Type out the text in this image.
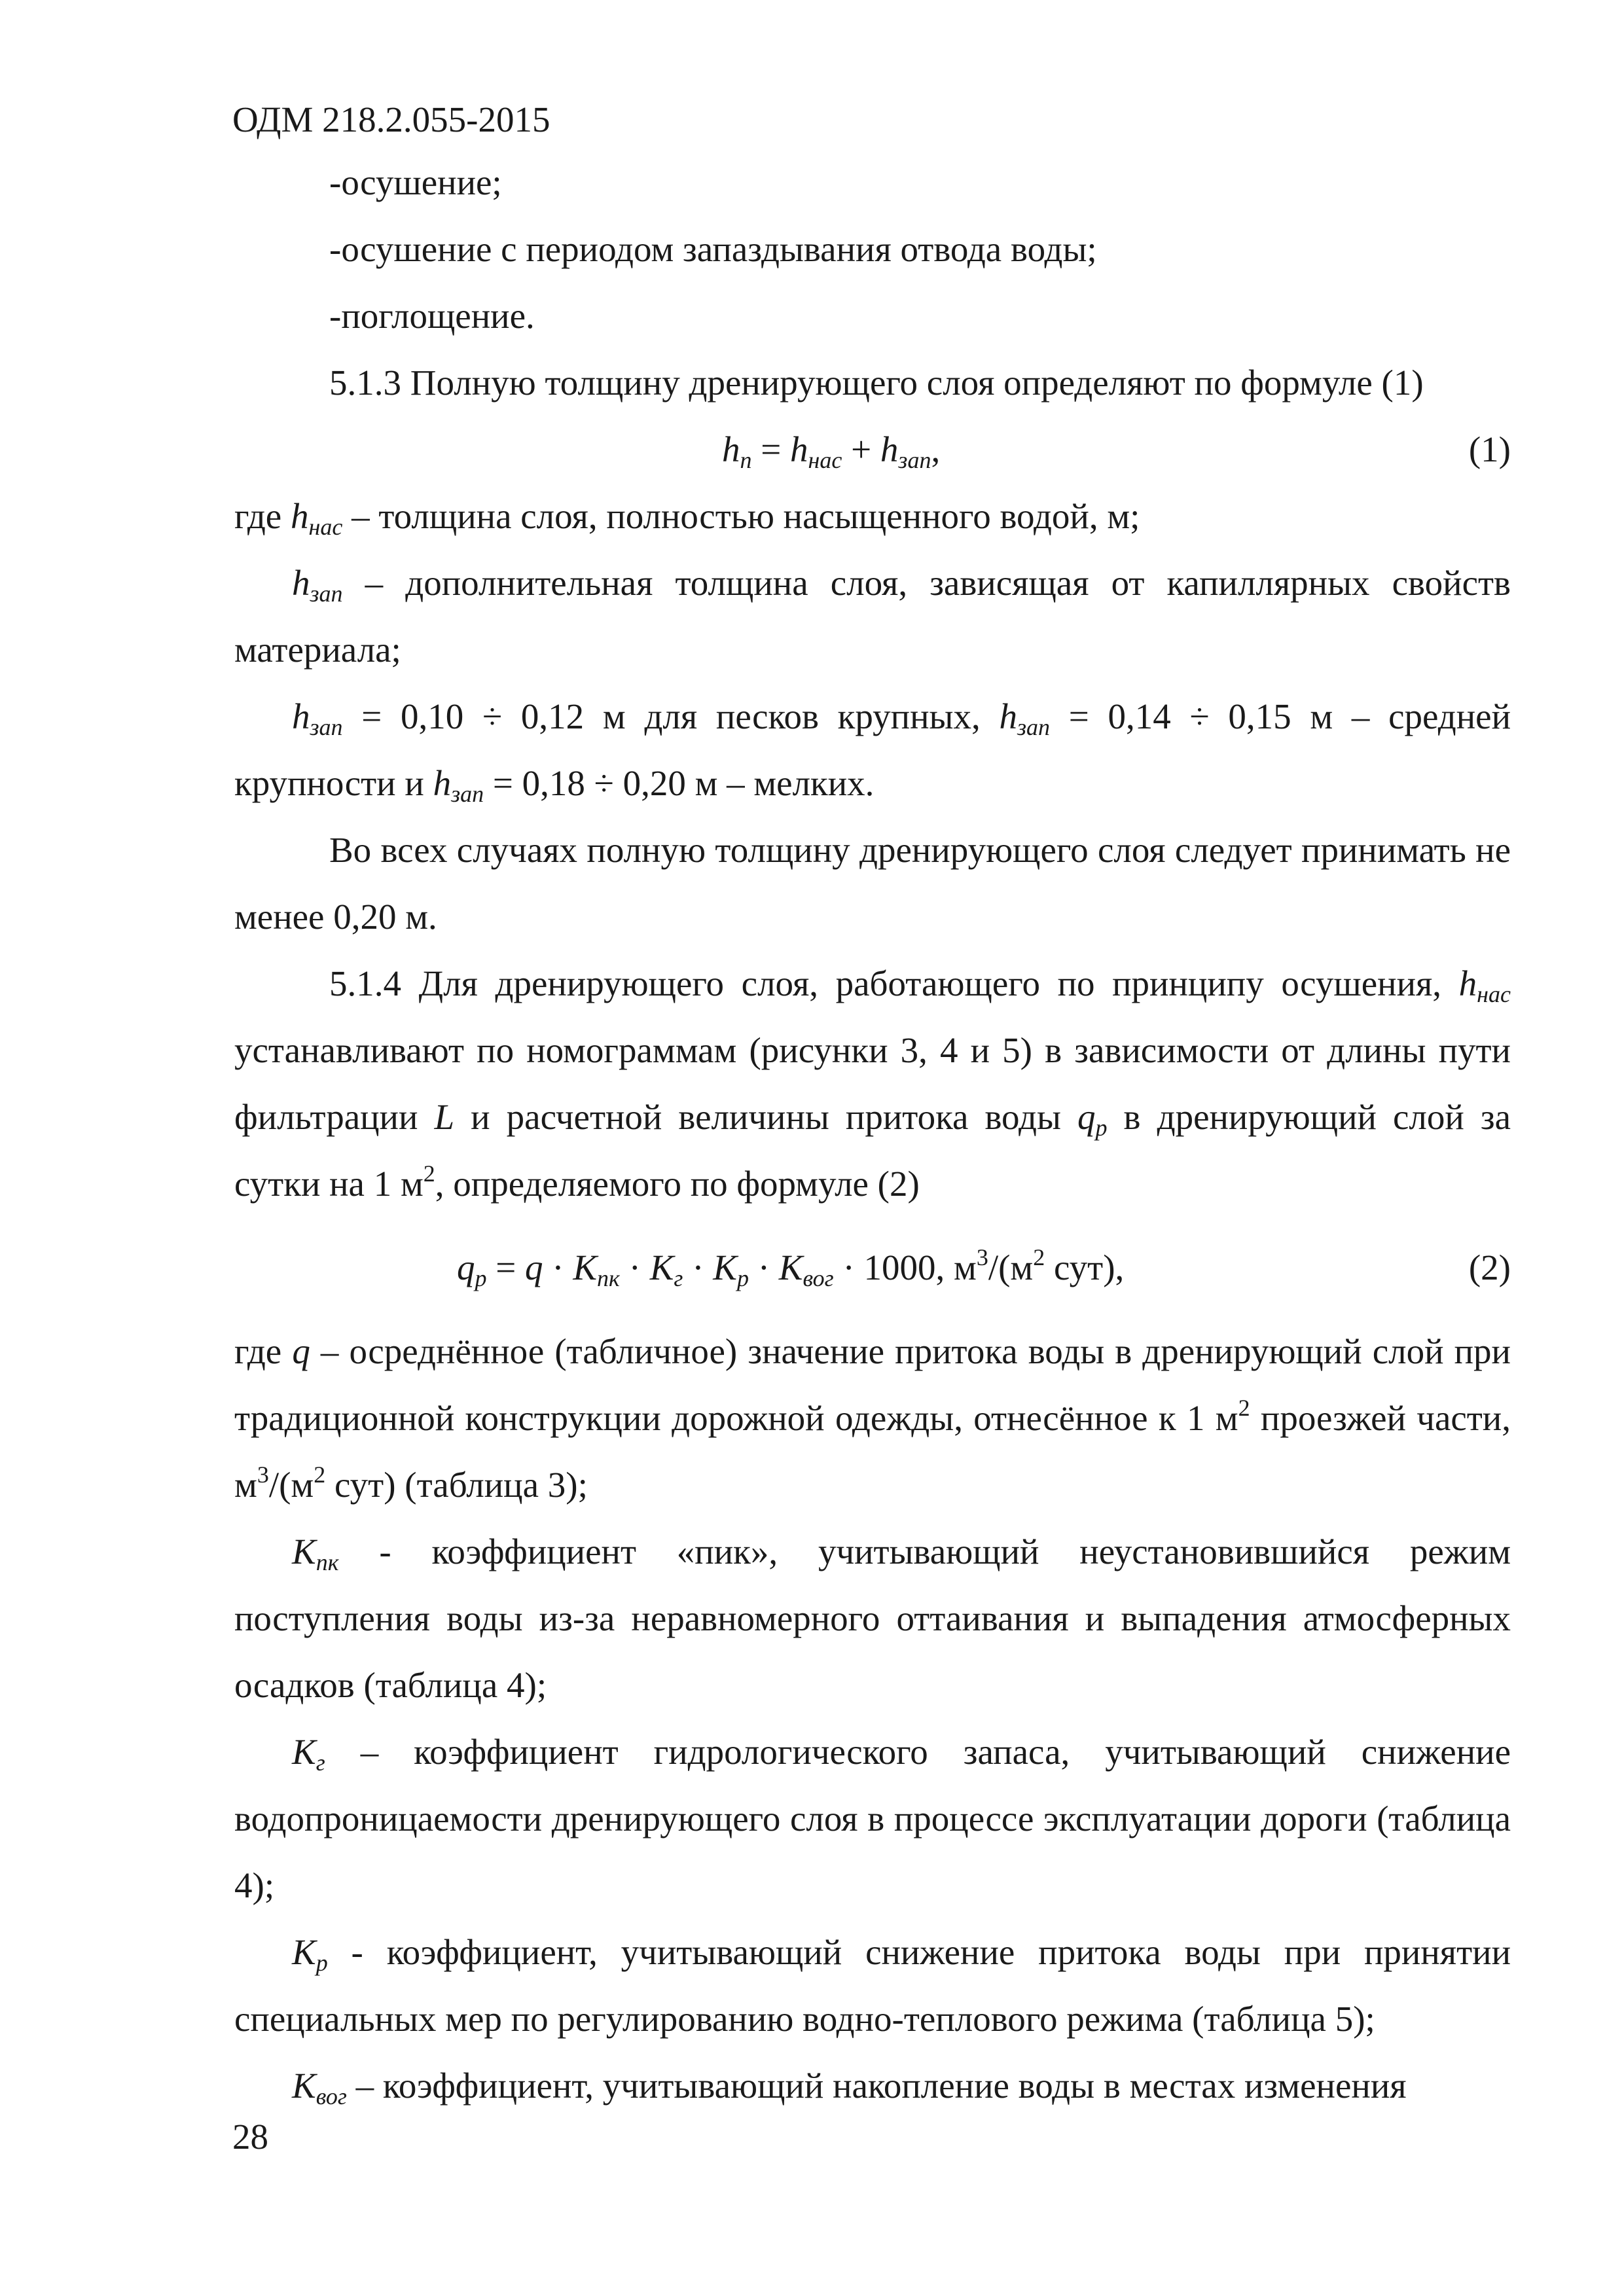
ОДМ 218.2.055-2015

-осушение;

-осушение с периодом запаздывания отвода воды;

-поглощение.

5.1.3 Полную толщину дренирующего слоя определяют по формуле (1)

$h_п = h_{нас} + h_{зап}$,	(1)

где $h_{нас}$ – толщина слоя, полностью насыщенного водой, м;

$h_{зап}$ – дополнительная толщина слоя, зависящая от капиллярных свойств материала;

$h_{зап} = 0,10 \div 0,12$ м для песков крупных, $h_{зап} = 0,14 \div 0,15$ м – средней крупности и $h_{зап} = 0,18 \div 0,20$ м – мелких.

Во всех случаях полную толщину дренирующего слоя следует принимать не менее 0,20 м.

5.1.4 Для дренирующего слоя, работающего по принципу осушения, $h_{нас}$ устанавливают по номограммам (рисунки 3, 4 и 5) в зависимости от длины пути фильтрации L и расчетной величины притока воды $q_р$ в дренирующий слой за сутки на 1 $м^2$, определяемого по формуле (2)

$q_р = q \cdot K_{пк} \cdot K_г \cdot K_р \cdot K_{вог} \cdot 1000$, $м^3/(м^2$ сут),	(2)

где q – осреднённое (табличное) значение притока воды в дренирующий слой при традиционной конструкции дорожной одежды, отнесённое к 1 $м^2$ проезжей части, $м^3/(м^2$ сут) (таблица 3);

$K_{пк}$ - коэффициент «пик», учитывающий неустановившийся режим поступления воды из-за неравномерного оттаивания и выпадения атмосферных осадков (таблица 4);

$K_г$ – коэффициент гидрологического запаса, учитывающий снижение водопроницаемости дренирующего слоя в процессе эксплуатации дороги (таблица 4);

$K_р$ - коэффициент, учитывающий снижение притока воды при принятии специальных мер по регулированию водно-теплового режима (таблица 5);

$K_{вог}$ – коэффициент, учитывающий накопление воды в местах изменения

28
